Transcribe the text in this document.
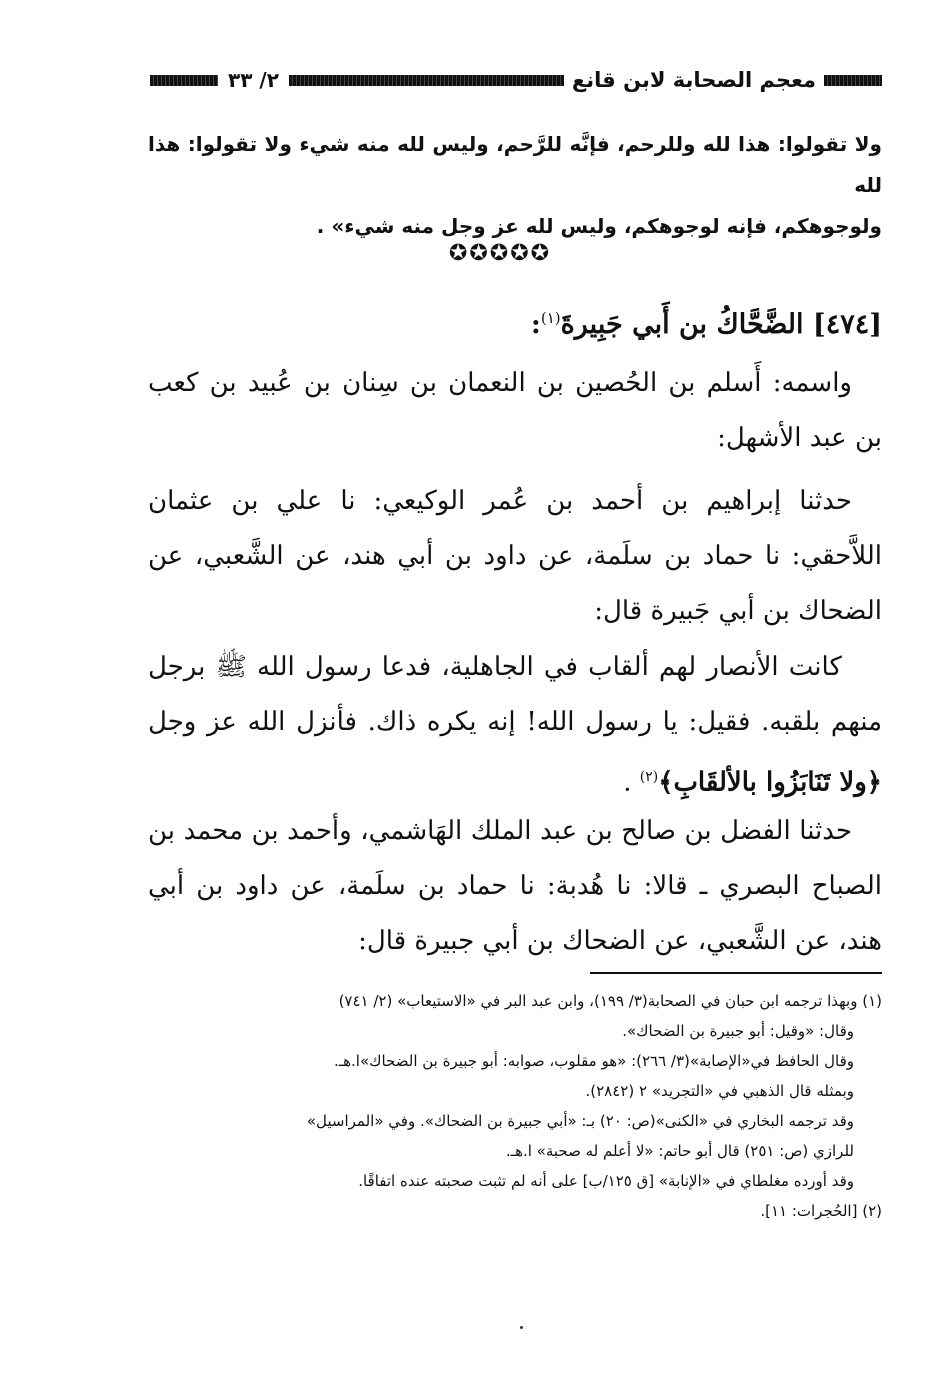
معجم الصحابة لابن قانع
٢/ ٣٣
ولا تقولوا: هذا لله وللرحم، فإنَّه للرَّحم، وليس لله منه شيء ولا تقولوا: هذا لله
ولوجوهكم، فإنه لوجوهكم، وليس لله عز وجل منه شيء» .
✪✪✪✪✪
[٤٧٤] الضَّحَّاكُ بن أَبي جَبِيرةَ$^{(١)}$:
واسمه: أَسلم بن الحُصين بن النعمان بن سِنان بن عُبيد بن كعب بن عبد الأشهل:
حدثنا إبراهيم بن أحمد بن عُمر الوكيعي: نا علي بن عثمان اللاَّحقي: نا حماد بن سلَمة، عن داود بن أبي هند، عن الشَّعبي، عن الضحاك بن أبي جَبيرة قال:
كانت الأنصار لهم ألقاب في الجاهلية، فدعا رسول الله ﷺ برجل منهم بلقبه. فقيل: يا رسول الله! إنه يكره ذاك. فأنزل الله عز وجل ﴿ولا تَنَابَزُوا بالألقَابِ﴾$^{(٢)}$ .
حدثنا الفضل بن صالح بن عبد الملك الهَاشمي، وأحمد بن محمد بن الصباح البصري ـ قالا: نا هُدبة: نا حماد بن سلَمة، عن داود بن أبي هند، عن الشَّعبي، عن الضحاك بن أبي جبيرة قال:
(١) وبهذا ترجمه ابن حبان في الصحابة(٣/ ١٩٩)، وابن عبد البر في «الاستيعاب» (٢/ ٧٤١)
وقال: «وقيل: أبو جبيرة بن الضحاك».
وقال الحافظ في«الإصابة»(٣/ ٢٦٦): «هو مقلوب، صوابه: أبو جبيرة بن الضحاك»ا.هـ.
وبمثله قال الذهبي في «التجريد» ٢ (٢٨٤٢).
وقد ترجمه البخاري في «الكنى»(ص: ٢٠) بـ: «أبي جبيرة بن الضحاك». وفي «المراسيل»
للرازي (ص: ٢٥١) قال أبو حاتم: «لا أعلم له صحبة» ا.هـ.
وقد أورده مغلطاي في «الإنابة» [ق ١٢٥/ب] على أنه لم تثبت صحبته عنده اتفاقًا.
(٢) [الحُجرات: ١١].
